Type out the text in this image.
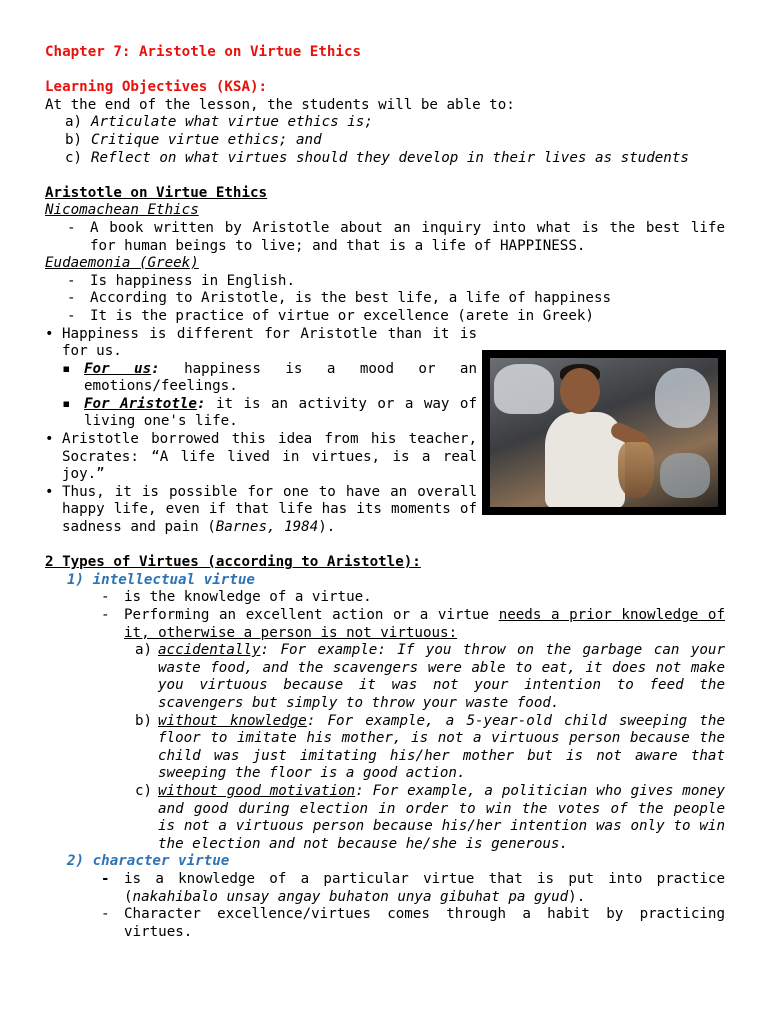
Chapter 7: Aristotle on Virtue Ethics
Learning Objectives (KSA):
At the end of the lesson, the students will be able to:
a) Articulate what virtue ethics is;
b) Critique virtue ethics; and
c) Reflect on what virtues should they develop in their lives as students
Aristotle on Virtue Ethics
Nicomachean Ethics
-	A book written by Aristotle about an inquiry into what is the best life for human beings to live; and that is a life of HAPPINESS.
Eudaemonia (Greek)
-	Is happiness in English.
-	According to Aristotle, is the best life, a life of happiness
-	It is the practice of virtue or excellence (arete in Greek)
• Happiness is different for Aristotle than it is for us.
▪ For us: happiness is a mood or an emotions/feelings.
▪ For Aristotle: it is an activity or a way of living one's life.
• Aristotle borrowed this idea from his teacher, Socrates: “A life lived in virtues, is a real joy.”
• Thus, it is possible for one to have an overall happy life, even if that life has its moments of sadness and pain (Barnes, 1984).
2 Types of Virtues (according to Aristotle):
1) intellectual virtue
-	is the knowledge of a virtue.
-	Performing an excellent action or a virtue needs a prior knowledge of it, otherwise a person is not virtuous:
a) accidentally: For example: If you throw on the garbage can your waste food, and the scavengers were able to eat, it does not make you virtuous because it was not your intention to feed the scavengers but simply to throw your waste food.
b) without knowledge: For example, a 5-year-old child sweeping the floor to imitate his mother, is not a virtuous person because the child was just imitating his/her mother but is not aware that sweeping the floor is a good action.
c) without good motivation: For example, a politician who gives money and good during election in order to win the votes of the people is not a virtuous person because his/her intention was only to win the election and not because he/she is generous.
2) character virtue
-	is a knowledge of a particular virtue that is put into practice (nakahibalo unsay angay buhaton unya gibuhat pa gyud).
-	Character excellence/virtues comes through a habit by practicing virtues.
